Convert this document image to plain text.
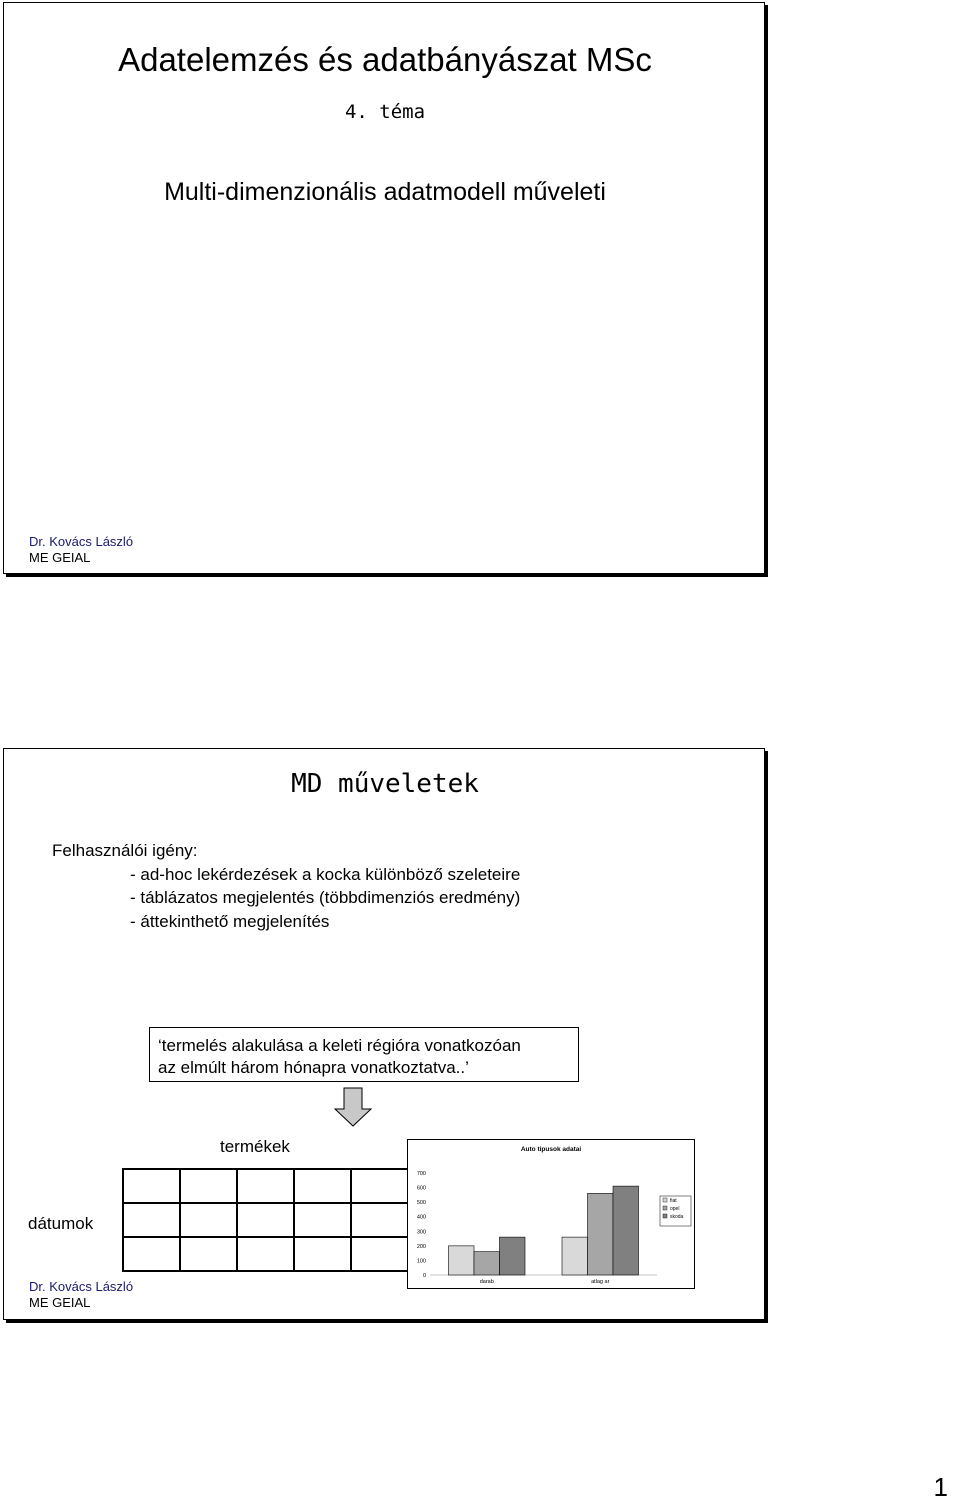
Adatelemzés és adatbányászat MSc
4. téma
Multi-dimenzionális adatmodell műveleti
Dr. Kovács László
ME GEIAL
MD műveletek
Felhasználói igény:
- ad-hoc lekérdezések a kocka különböző szeleteire
- táblázatos megjelentés (többdimenziós eredmény)
- áttekinthető megjelenítés
‘termelés alakulása a keleti régióra vonatkozóan
az elmúlt három hónapra vonatkoztatva..’
termékek
dátumok

Dr. Kovács László
ME GEIAL
0
100
200
300
400
500
600
700
darab	atlag ar
fiat
opel
skoda
Auto tipusok adatai
1
